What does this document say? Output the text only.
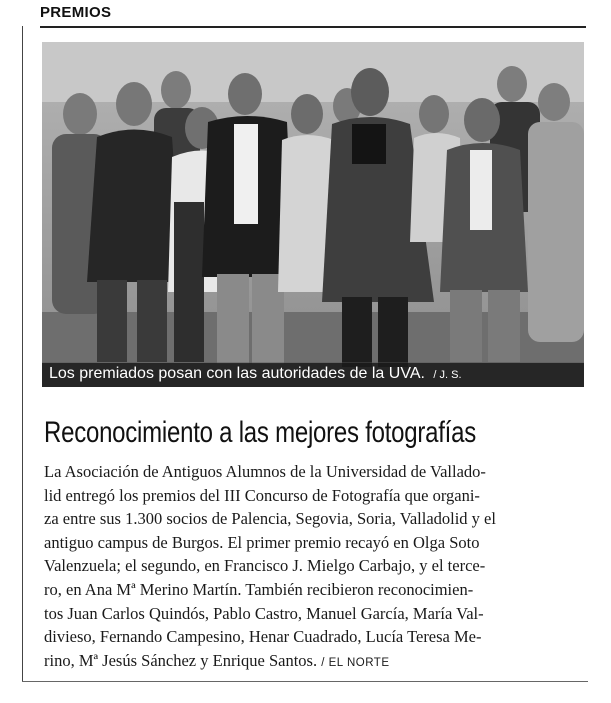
PREMIOS
Los premiados posan con las autoridades de la UVA. / J. S.
Reconocimiento a las mejores fotografías
La Asociación de Antiguos Alumnos de la Universidad de Vallado-
lid entregó los premios del III Concurso de Fotografía que organi-
za entre sus 1.300 socios de Palencia, Segovia, Soria, Valladolid y el
antiguo campus de Burgos. El primer premio recayó en Olga Soto
Valenzuela; el segundo, en Francisco J. Mielgo Carbajo, y el terce-
ro, en Ana Mª Merino Martín. También recibieron reconocimien-
tos Juan Carlos Quindós, Pablo Castro, Manuel García, María Val-
divieso, Fernando Campesino, Henar Cuadrado, Lucía Teresa Me-
rino, Mª Jesús Sánchez y Enrique Santos. / EL NORTE
